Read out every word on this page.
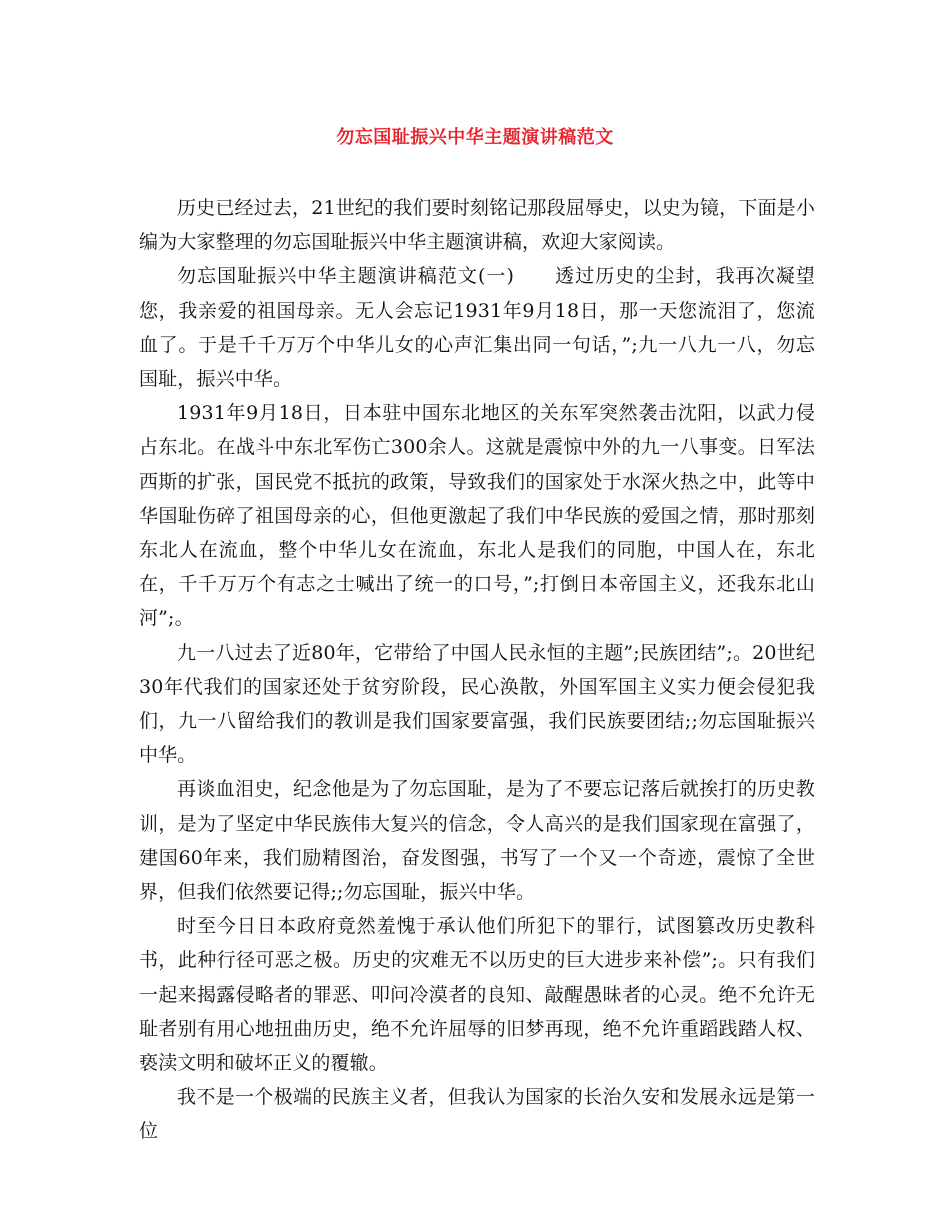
勿忘国耻振兴中华主题演讲稿范文

历史已经过去，21世纪的我们要时刻铭记那段屈辱史，以史为镜，下面是小编为大家整理的勿忘国耻振兴中华主题演讲稿，欢迎大家阅读。

勿忘国耻振兴中华主题演讲稿范文(一)　　透过历史的尘封，我再次凝望您，我亲爱的祖国母亲。无人会忘记1931年9月18日，那一天您流泪了，您流血了。于是千千万万个中华儿女的心声汇集出同一句话，”;九一八九一八，勿忘国耻，振兴中华。

1931年9月18日，日本驻中国东北地区的关东军突然袭击沈阳，以武力侵占东北。在战斗中东北军伤亡300余人。这就是震惊中外的九一八事变。日军法西斯的扩张，国民党不抵抗的政策，导致我们的国家处于水深火热之中，此等中华国耻伤碎了祖国母亲的心，但他更激起了我们中华民族的爱国之情，那时那刻东北人在流血，整个中华儿女在流血，东北人是我们的同胞，中国人在，东北在，千千万万个有志之士喊出了统一的口号，”;打倒日本帝国主义，还我东北山河”;。

九一八过去了近80年，它带给了中国人民永恒的主题”;民族团结”;。20世纪30年代我们的国家还处于贫穷阶段，民心涣散，外国军国主义实力便会侵犯我们，九一八留给我们的教训是我们国家要富强，我们民族要团结;;勿忘国耻振兴中华。

再谈血泪史，纪念他是为了勿忘国耻，是为了不要忘记落后就挨打的历史教训，是为了坚定中华民族伟大复兴的信念，令人高兴的是我们国家现在富强了，建国60年来，我们励精图治，奋发图强，书写了一个又一个奇迹，震惊了全世界，但我们依然要记得;;勿忘国耻，振兴中华。

时至今日日本政府竟然羞愧于承认他们所犯下的罪行，试图篡改历史教科书，此种行径可恶之极。历史的灾难无不以历史的巨大进步来补偿”;。只有我们一起来揭露侵略者的罪恶、叩问冷漠者的良知、敲醒愚昧者的心灵。绝不允许无耻者别有用心地扭曲历史，绝不允许屈辱的旧梦再现，绝不允许重蹈践踏人权、亵渎文明和破坏正义的覆辙。

我不是一个极端的民族主义者，但我认为国家的长治久安和发展永远是第一位
